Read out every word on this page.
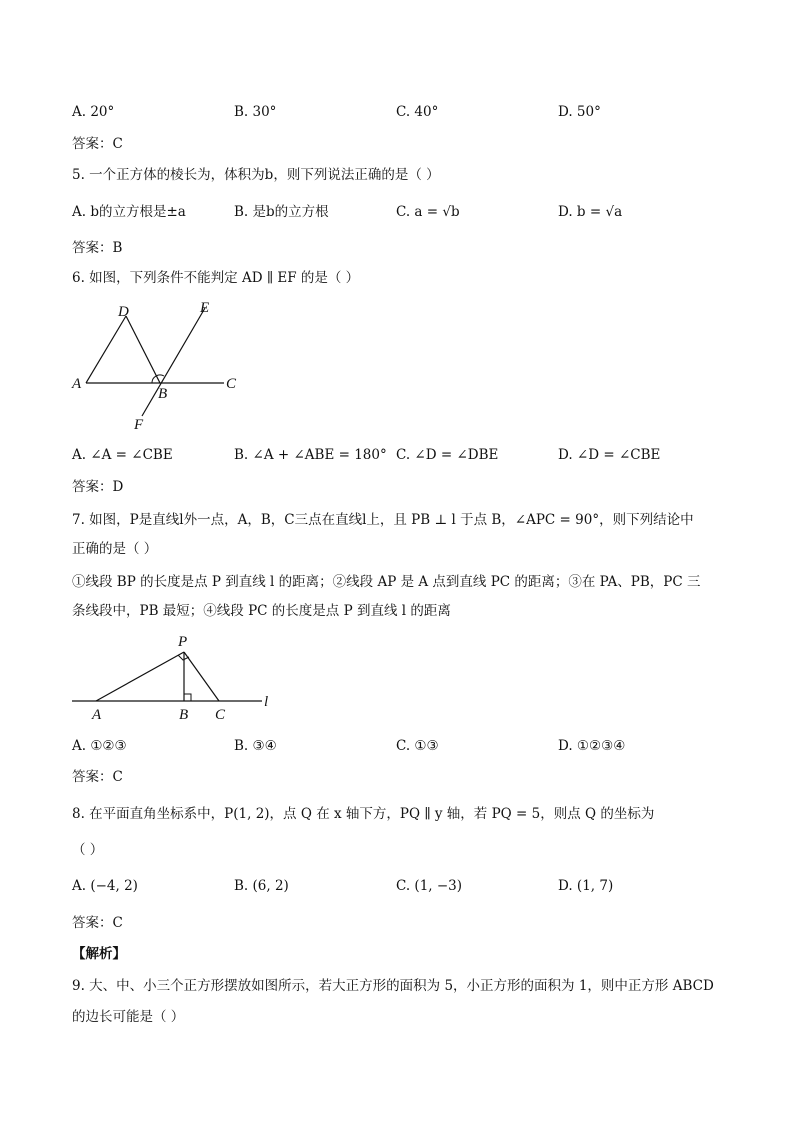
A. 20°	B. 30°	C. 40°	D. 50°
答案：C
5. 一个正方体的棱长为，体积为b，则下列说法正确的是（ ）
A. b的立方根是±a	B. 是b的立方根	C. a = √b	D. b = √a
答案：B
6. 如图，下列条件不能判定 AD ∥ EF 的是（ ）
D	E
A
B
C
F
A. ∠A = ∠CBE	B. ∠A + ∠ABE = 180° C. ∠D = ∠DBE	D. ∠D = ∠CBE
答案：D
7. 如图，P是直线l外一点，A，B，C三点在直线l上，且 PB ⊥ l 于点 B，∠APC = 90°，则下列结论中
正确的是（ ）
①线段 BP 的长度是点 P 到直线 l 的距离；②线段 AP 是 A 点到直线 PC 的距离；③在 PA、PB，PC 三
条线段中，PB 最短；④线段 PC 的长度是点 P 到直线 l 的距离
P
A	B C
l
A. ①②③	B. ③④	C. ①③	D. ①②③④
答案：C
8. 在平面直角坐标系中，P(1, 2)，点 Q 在 x 轴下方，PQ ∥ y 轴，若 PQ = 5，则点 Q 的坐标为
（ ）
A. (−4, 2)	B. (6, 2)	C. (1, −3)	D. (1, 7)
答案：C
【解析】
9. 大、中、小三个正方形摆放如图所示，若大正方形的面积为 5，小正方形的面积为 1，则中正方形 ABCD
的边长可能是（ ）
